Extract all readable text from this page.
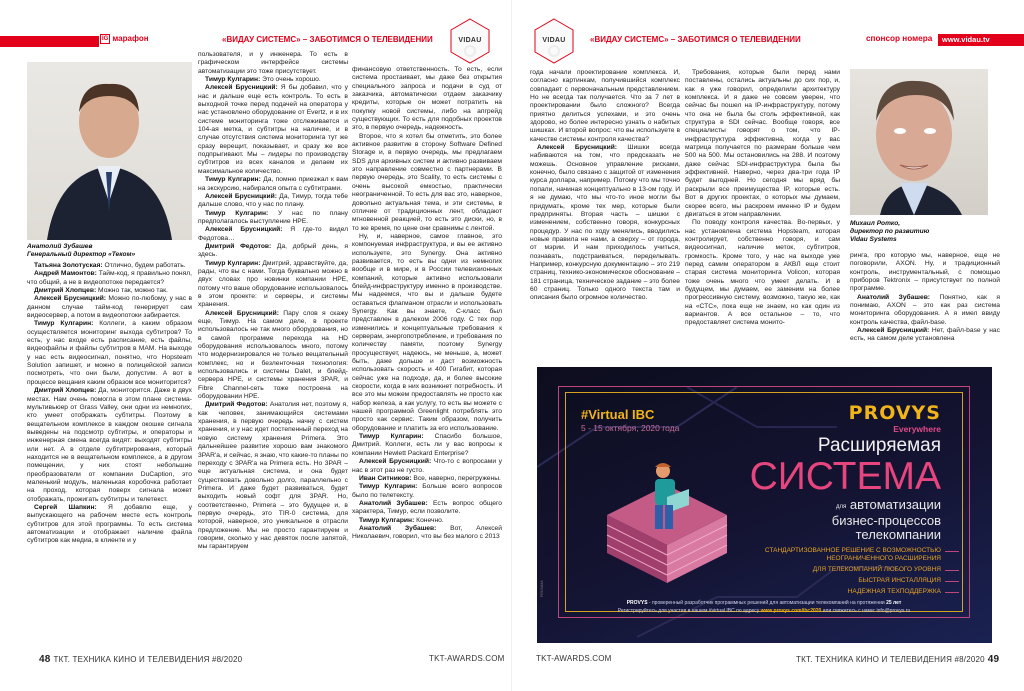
IG марафон	«ВИДАУ СИСТЕМС» – ЗАБОТИМСЯ О ТЕЛЕВИДЕНИИ	VIDAU
Анатолий Зубашев
Генеральный директор «Теком»

Татьяна Золотуская: Отлично, будем работать.

Андрей Мамонтов: Тайм-код, я правильно понял, что общий, а не в видеопотоке передается?

Дмитрий Хлопцев: Можно так, можно так.

Алексей Брусницкий: Можно по-любому, у нас в данном случае тайм-код генерирует сам видеосервер, а потом в видеопотоки забирается.

Тимур Кулгарин: Коллеги, а каким образом осуществляется мониторинг выхода субтитров? То есть, у нас входе есть расписание, есть файлы, видеофайлы и файлы субтитров в МАМ. На выходе у нас есть видеосигнал, понятно, что Hopsteam Solution запишет, и можно в полицейской записи посмотреть, что они были, допустим. А вот в процессе вещания каким образом все мониторится?

Дмитрий Хлопцев: Да, мониторится. Даже в двух местах. Нам очень помогла в этом плане система-мультивьюер от Grass Valley, они одни из немногих, кто умеет отображать субтитры. Поэтому в вещательном комплексе в каждом окошке сигнала выведены на подсмотр субтитры, и операторы и инженерная смена всегда видят: выходят субтитры или нет. А в отделе субтитрирования, который находится не в вещательном комплексе, а в другом помещении, у них стоят небольшие преобразователи от компании DuCaption, это маленький модуль, маленькая коробочка работает на проход, которая поверх сигнала может отображать, прожигать субтитры и телетекст.

Сергей Шапкин: Я добавлю еще, у выпускающего на рабочем месте есть контроль субтитров для этой программы. То есть система автоматизации и отображает наличие файла субтитров как медиа, в клиенте и у

пользователя, и у инженера. То есть в графическом интерфейсе системы автоматизации это тоже присутствует.

Тимур Кулгарин: Это очень хорошо.

Алексей Брусницкий: Я бы добавил, что у нас и дальше еще есть контроль. То есть в выходной точке перед подачей на оператора у нас установлено оборудование от Evertz, и в их системе мониторинга тоже отслеживается и 104-ая метка, и субтитры на наличие, и в случае отсутствия система мониторинга тут же сразу верещит, показывает, и сразу же все подпрыгивают. Мы – лидеры по производству субтитров из всех каналов и делаем их максимальное количество.

Тимур Кулгарин: Да, помню приезжал к вам на экскурсию, набирался опыта с субтитрами.

Алексей Брусницкий: Да, Тимур, тогда тебе дальше слово, что у нас по плану.

Тимур Кулгарин: У нас по плану предполагалось выступление HPE.

Алексей Брусницкий: Я где-то видел Федотова…

Дмитрий Федотов: Да, добрый день, я здесь.

Тимур Кулгарин: Дмитрий, здравствуйте, да, рады, что вы с нами. Тогда буквально можно в двух словах про новинки компании HPE, потому что ваше оборудование использовалось в этом проекте: и серверы, и системы хранения.

Алексей Брусницкий: Пару слов я скажу еще, Тимур. На самом деле, в проекте использовалось не так много оборудования, но в самой программе перехода на HD оборудования использовалось много, потому что модернизировался не только вещательный комплекс, но и безленточная технология: использовались и системы Dalet, и блейд-сервера HPE, и системы хранения 3PAR, и Fibre Channel-сеть тоже построена на оборудовании HPE.

Дмитрий Федотов: Анатолия нет, поэтому я, как человек, занимающийся системами хранения, в первую очередь начну с систем хранения, и у нас идет постепенный переход на новую систему хранения Primera. Это дальнейшее развитие хорошо вам знакомого 3PAR'а, и сейчас, я знаю, что какие-то планы по переходу с 3PAR'а на Primera есть. Но 3PAR – еще актуальная система, и она будет существовать довольно долго, параллельно с Primera. И даже будет развиваться, будет выходить новый софт для 3PAR. Но, соответственно, Primera – это будущее и, в первую очередь, это TIR-0 система, для которой, наверное, это уникальное в отрасли предложение. Мы не просто гарантируем и говорим, сколько у нас девяток после запятой, мы гарантируем

финансовую ответственность. То есть, если система простаивает, мы даже без открытия специального запроса и подачи в суд от заказчика, автоматически отдаем заказчику кредиты, которые он может потратить на покупку новой системы, либо на апгрейд существующих. То есть для подобных проектов это, в первую очередь, надежность.

Второе, что я хотел бы отметить, это более активное развитие в сторону Software Defined Storage и, в первую очередь, мы предлагаем SDS для архивных систем и активно развиваем это направление совместно с партнерами. В первую очередь, это Scality, то есть системы с очень высокой емкостью, практически неограниченной. То есть для вас это, наверное, довольно актуальная тема, и эти системы, в отличие от традиционных лент, обладают мгновенной реакцией, то есть это диски, но, в то же время, по цене они сравнимы с лентой.

Ну, и, наверное, самое главное, это компонуемая инфраструктура, и вы ее активно используете, это Synergy. Она активно развивается, то есть вы одни из немногих вообще и в мире, и в России телевизионных компаний, которые активно использовали блейд-инфраструктуру именно в производстве. Мы надеемся, что вы и дальше будете оставаться флагманом отрасли и использовать Synergy. Как вы знаете, С-класс был представлен в далеком 2006 году. С тех пор изменились и концептуальные требования к серверам, энергопотребление, и требования по количеству памяти, поэтому Synergy просуществует, надеюсь, не меньше, а, может быть, даже дольше и даст возможность использовать скорость и 400 Гигабит, которая сейчас уже на подходе, да, и более высокие скорости, когда в них возникнет потребность. И все это мы можем предоставлять не просто как набор железа, а как услугу, то есть вы можете с нашей программой Greenlight потреблять это просто как сервис. Таким образом, получить оборудование и платить за его использование.

Тимур Кулгарин: Спасибо большое, Дмитрий. Коллеги, есть ли у вас вопросы к компании Hewlett Packard Enterprise?

Алексей Брусницкий: Что-то с вопросами у нас в этот раз не густо.

Иван Ситников: Все, наверно, перегружены.

Тимур Кулгарин: Больше всего вопросов было по телетексту.

Анатолий Зубашев: Есть вопрос общего характера, Тимур, если позволите.

Тимур Кулгарин: Конечно.

Анатолий Зубашев: Вот, Алексей Николаевич, говорил, что вы без малого с 2013

48 ТКТ. ТЕХНИКА КИНО И ТЕЛЕВИДЕНИЯ #8/2020	TKT-AWARDS.COM
VIDAU	«ВИДАУ СИСТЕМС» – ЗАБОТИМСЯ О ТЕЛЕВИДЕНИИ	спонсор номера	www.vidau.tv

года начали проектирование комплекса. И, согласно картинкам, получившийся комплекс совпадает с первоначальным представлением. Но не всегда так получается. Что за 7 лет в проектировании было сложного? Всегда приятно делиться успехами, и это очень здорово, но более интересно узнать о набитых шишках. И второй вопрос: что вы используете в качестве системы контроля качества?

Алексей Брусницкий: Шишки всегда набиваются на том, что предсказать не можешь. Основное управление рисками, конечно, было связано с защитой от изменения курса доллара, например. Потому что мы точно попали, начиная концептуально в 13-ом году. И я не думаю, что мы что-то иное могли бы придумать, кроме тех мер, которые были предприняты. Вторая часть – шишки с изменением, собственно говоря, конкурсных процедур. У нас по ходу менялись, вводились новые правила не нами, а сверху – от города, от мэрии. И нам приходилось учиться, познавать, подстраиваться, переделывать. Например, конкурсную документацию – это 219 страниц, технико-экономическое обоснование – 181 страница, техническое задание – это более 60 страниц. Только одного текста там и описания было огромное количество.

Требования, которые были перед нами поставлены, остались актуальны до сих пор, и, как я уже говорил, определили архитектуру комплекса. И я даже не совсем уверен, что сейчас бы пошел на IP-инфраструктуру, потому что она не была бы столь эффективной, как структура в SDI сейчас. Вообще говоря, все специалисты говорят о том, что IP-инфраструктура эффективна, когда у вас матрица получается по размерам больше чем 500 на 500. Мы остановились на 288. И поэтому даже сейчас SDI-инфраструктура была бы эффективней. Наверно, через два-три года IP будет выгодней. Но сегодня мы вряд бы раскрыли все преимущества IP, которые есть. Вот в других проектах, о которых мы думаем, скорее всего, мы раскроем именно IP и будем двигаться в этом направлении.

По поводу контроля качества. Во-первых, у нас установлена система Hopsteam, которая контролирует, собственно говоря, и сам видеосигнал, наличие меток, субтитров, громкость. Кроме того, у нас на выходе уже перед самим оператором в АКВЛ еще стоит старая система мониторинга Volicon, которая тоже очень много что умеет делать. И в будущем, мы думаем, ее заменим на более прогрессивную систему, возможно, такую же, как на «СТС», пока еще не знаем, но как один из вариантов. А все остальное – то, что предоставляет система монито-

Михаил Ротко,
директор по развитию
Vidau Systems

ринга, про которую мы, наверное, еще не поговорили, AXON. Ну, и традиционный контроль, инструментальный, с помощью приборов Tektronix – присутствует по полной программе.

Анатолий Зубашев: Понятно, как я понимаю, AXON – это как раз система мониторинга оборудования. А я имел ввиду контроль качества, файл-base.

Алексей Брусницкий: Нет, файл-base у нас есть, на самом деле установлена

TKT-AWARDS.COM	ТКТ. ТЕХНИКА КИНО И ТЕЛЕВИДЕНИЯ #8/2020 49
#Virtual IBC
5 - 15 октября, 2020 года
PROVYS
Everywhere
Расширяемая
СИСТЕМА
для автоматизации
бизнес-процессов
телекомпании
СТАНДАРТИЗОВАННОЕ РЕШЕНИЕ С ВОЗМОЖНОСТЬЮ
НЕОГРАНИЧЕННОГО РАСШИРЕНИЯ
ДЛЯ ТЕЛЕКОМПАНИЙ ЛЮБОГО УРОВНЯ
БЫСТРАЯ ИНСТАЛЛЯЦИЯ
НАДЕЖНАЯ ТЕХПОДДЕРЖКА
PROVYS - проверенный разработчик программных решений для автоматизации телекомпаний на протяжении 25 лет
Регистрируйтесь для участия в нашем #virtual IBC по адресу www.provys.com/ibc2020 или свяжитесь с нами: info@provys.ru
РЕКЛАМА
